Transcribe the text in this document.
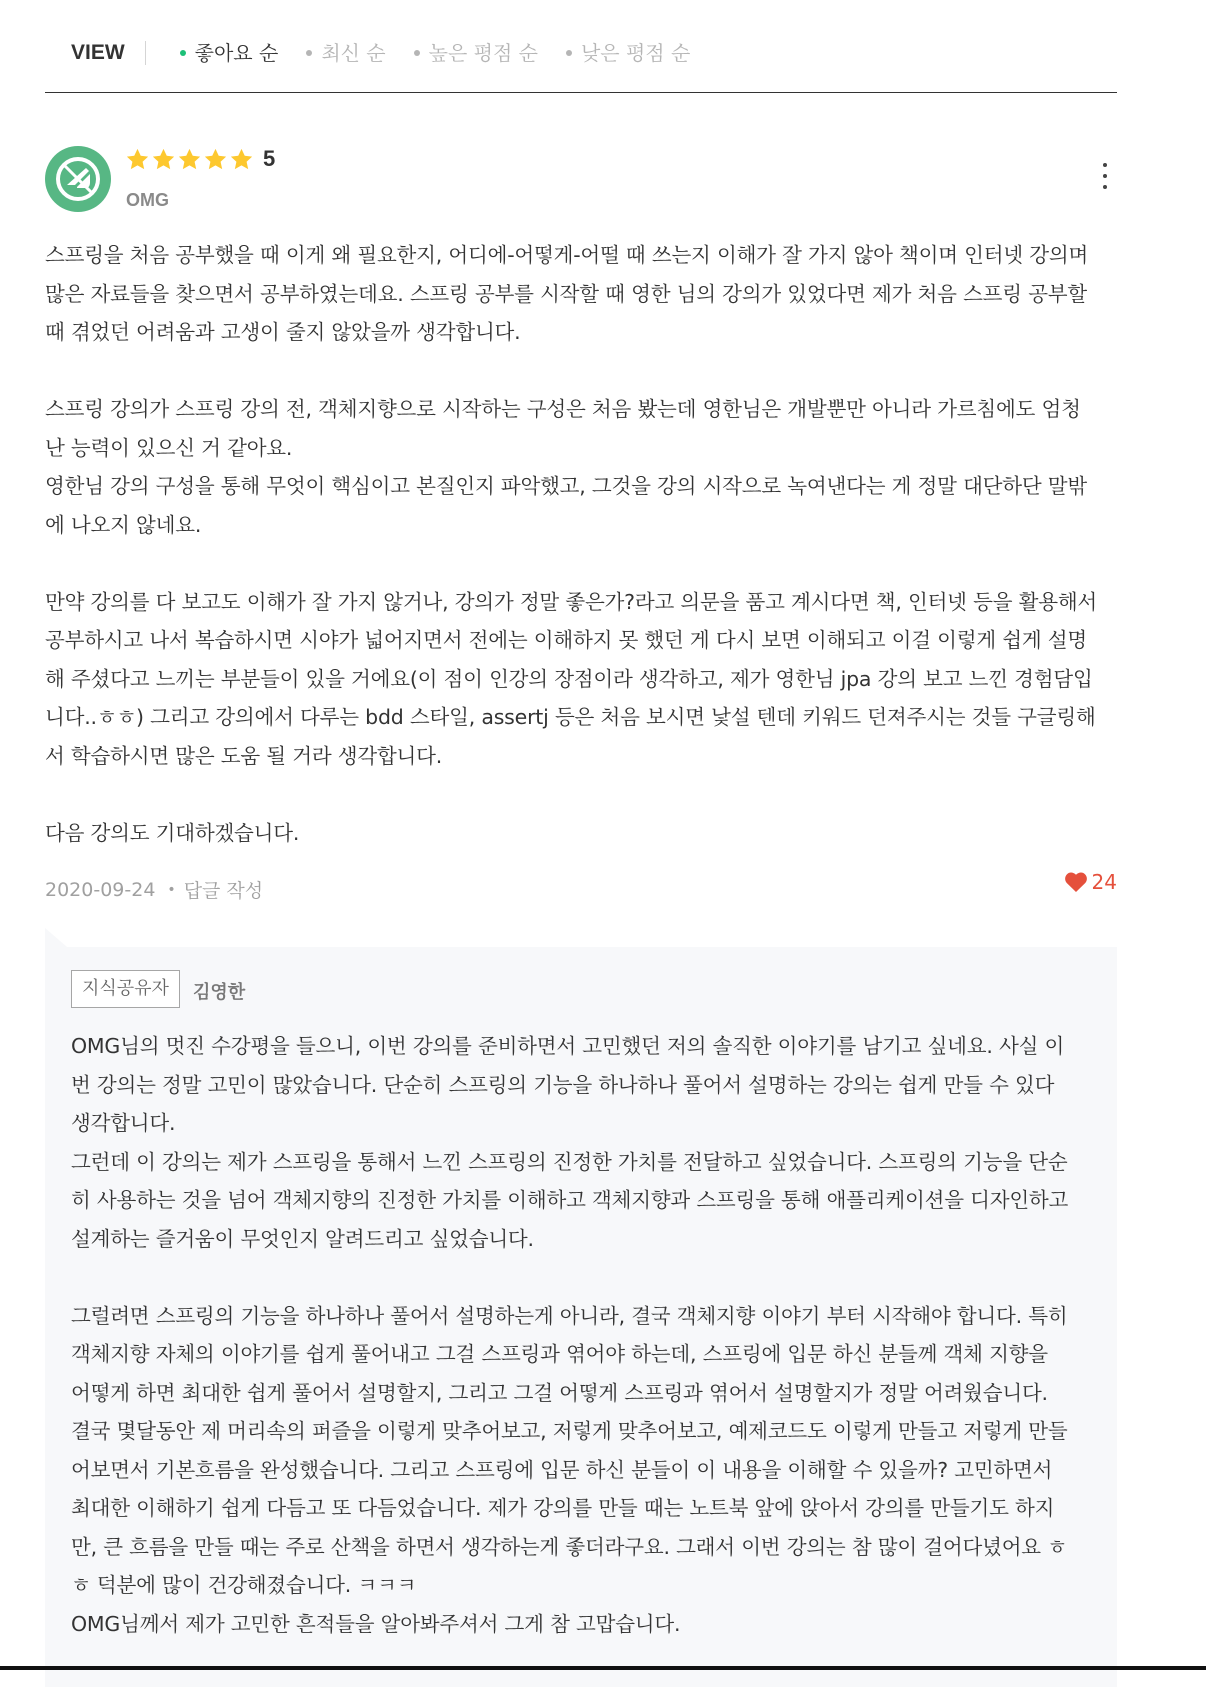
VIEW	좋아요 순 최신 순 높은 평점 순 낮은 평점 순
5
OMG
스프링을 처음 공부했을 때 이게 왜 필요한지, 어디에-어떻게-어떨 때 쓰는지 이해가 잘 가지 않아 책이며 인터넷 강의며
많은 자료들을 찾으면서 공부하였는데요. 스프링 공부를 시작할 때 영한 님의 강의가 있었다면 제가 처음 스프링 공부할
때 겪었던 어려움과 고생이 줄지 않았을까 생각합니다.

스프링 강의가 스프링 강의 전, 객체지향으로 시작하는 구성은 처음 봤는데 영한님은 개발뿐만 아니라 가르침에도 엄청
난 능력이 있으신 거 같아요.
영한님 강의 구성을 통해 무엇이 핵심이고 본질인지 파악했고, 그것을 강의 시작으로 녹여낸다는 게 정말 대단하단 말밖
에 나오지 않네요.

만약 강의를 다 보고도 이해가 잘 가지 않거나, 강의가 정말 좋은가?라고 의문을 품고 계시다면 책, 인터넷 등을 활용해서
공부하시고 나서 복습하시면 시야가 넓어지면서 전에는 이해하지 못 했던 게 다시 보면 이해되고 이걸 이렇게 쉽게 설명
해 주셨다고 느끼는 부분들이 있을 거에요(이 점이 인강의 장점이라 생각하고, 제가 영한님 jpa 강의 보고 느낀 경험담입
니다..ㅎㅎ) 그리고 강의에서 다루는 bdd 스타일, assertj 등은 처음 보시면 낯설 텐데 키워드 던져주시는 것들 구글링해
서 학습하시면 많은 도움 될 거라 생각합니다.

다음 강의도 기대하겠습니다.
2020-09-24 • 답글 작성	24
지식공유자	김영한
OMG님의 멋진 수강평을 들으니, 이번 강의를 준비하면서 고민했던 저의 솔직한 이야기를 남기고 싶네요. 사실 이
번 강의는 정말 고민이 많았습니다. 단순히 스프링의 기능을 하나하나 풀어서 설명하는 강의는 쉽게 만들 수 있다
생각합니다.
그런데 이 강의는 제가 스프링을 통해서 느낀 스프링의 진정한 가치를 전달하고 싶었습니다. 스프링의 기능을 단순
히 사용하는 것을 넘어 객체지향의 진정한 가치를 이해하고 객체지향과 스프링을 통해 애플리케이션을 디자인하고
설계하는 즐거움이 무엇인지 알려드리고 싶었습니다.

그럴려면 스프링의 기능을 하나하나 풀어서 설명하는게 아니라, 결국 객체지향 이야기 부터 시작해야 합니다. 특히
객체지향 자체의 이야기를 쉽게 풀어내고 그걸 스프링과 엮어야 하는데, 스프링에 입문 하신 분들께 객체 지향을
어떻게 하면 최대한 쉽게 풀어서 설명할지, 그리고 그걸 어떻게 스프링과 엮어서 설명할지가 정말 어려웠습니다.
결국 몇달동안 제 머리속의 퍼즐을 이렇게 맞추어보고, 저렇게 맞추어보고, 예제코드도 이렇게 만들고 저렇게 만들
어보면서 기본흐름을 완성했습니다. 그리고 스프링에 입문 하신 분들이 이 내용을 이해할 수 있을까? 고민하면서
최대한 이해하기 쉽게 다듬고 또 다듬었습니다. 제가 강의를 만들 때는 노트북 앞에 앉아서 강의를 만들기도 하지
만, 큰 흐름을 만들 때는 주로 산책을 하면서 생각하는게 좋더라구요. 그래서 이번 강의는 참 많이 걸어다녔어요 ㅎ
ㅎ 덕분에 많이 건강해졌습니다. ㅋㅋㅋ
OMG님께서 제가 고민한 흔적들을 알아봐주셔서 그게 참 고맙습니다.
